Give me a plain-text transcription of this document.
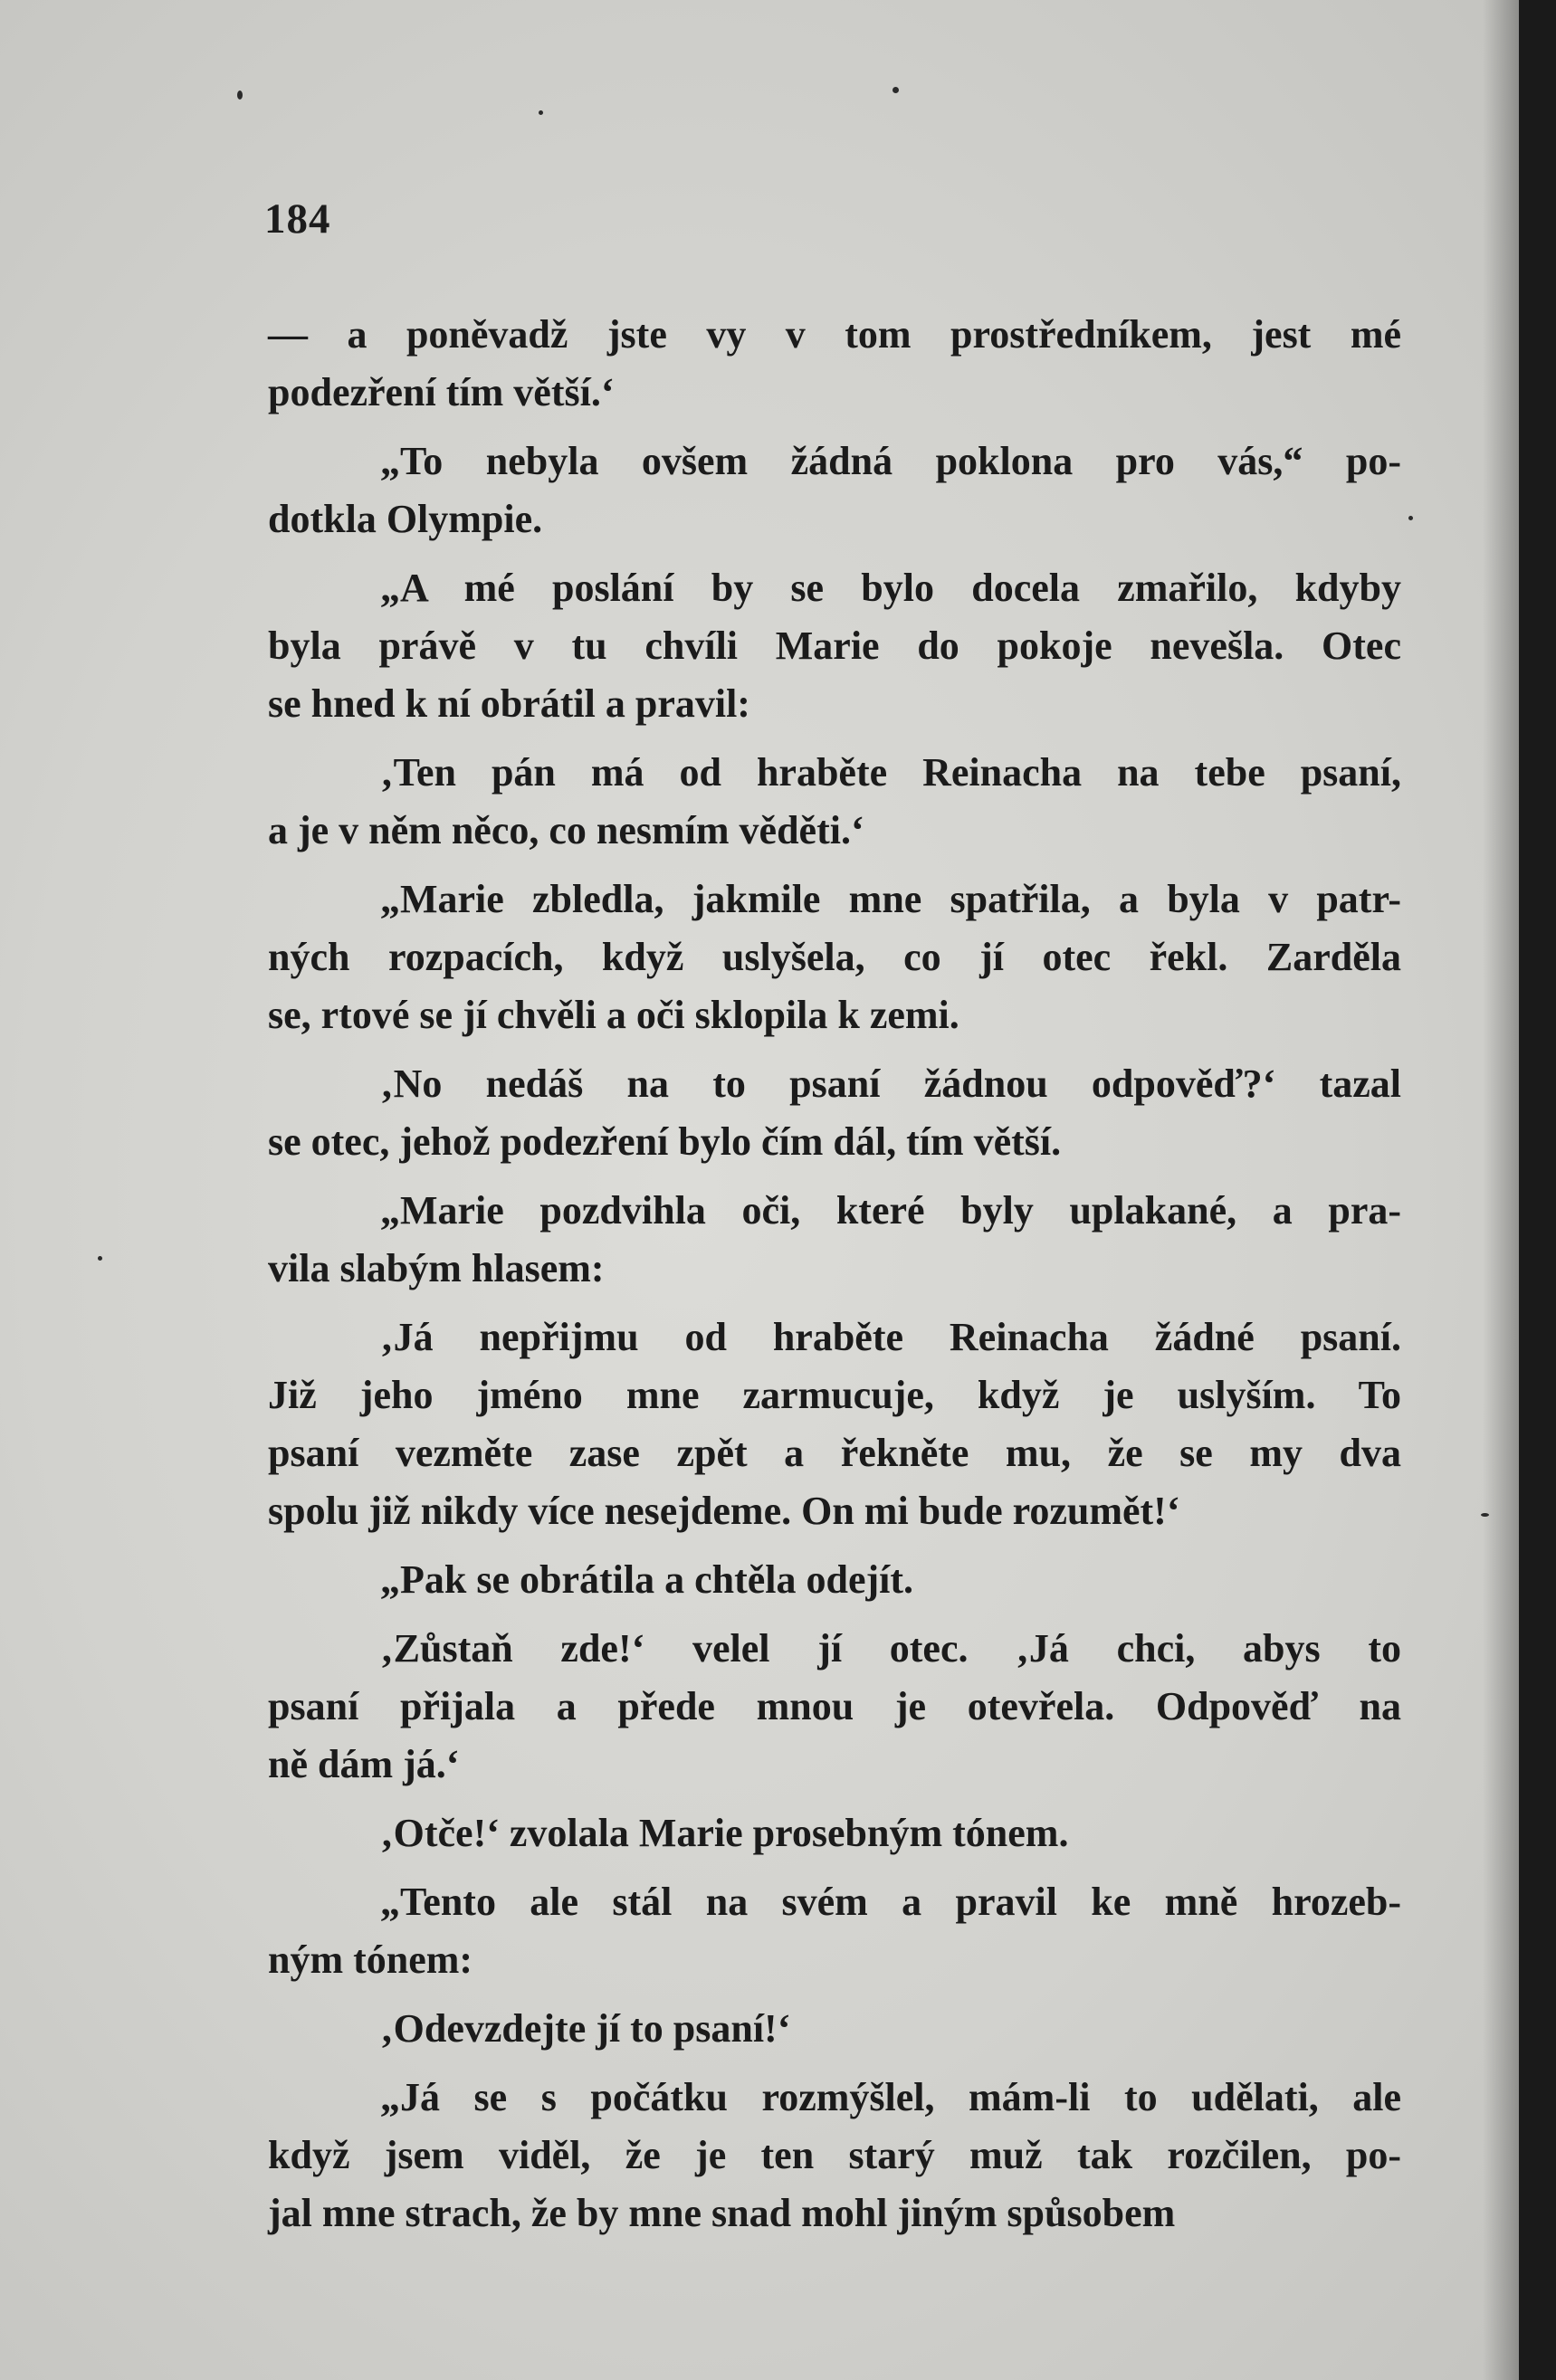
184

— a poněvadž jste vy v tom prostředníkem, jest mé
podezření tím větší.‘

„To nebyla ovšem žádná poklona pro vás,“ po-
dotkla Olympie.

„A mé poslání by se bylo docela zmařilo, kdyby
byla právě v tu chvíli Marie do pokoje nevešla. Otec
se hned k ní obrátil a pravil:

‚Ten pán má od hraběte Reinacha na tebe psaní,
a je v něm něco, co nesmím věděti.‘

„Marie zbledla, jakmile mne spatřila, a byla v patr-
ných rozpacích, když uslyšela, co jí otec řekl. Zarděla
se, rtové se jí chvěli a oči sklopila k zemi.

‚No nedáš na to psaní žádnou odpověď?‘ tazal
se otec, jehož podezření bylo čím dál, tím větší.

„Marie pozdvihla oči, které byly uplakané, a pra-
vila slabým hlasem:

‚Já nepřijmu od hraběte Reinacha žádné psaní.
Již jeho jméno mne zarmucuje, když je uslyším. To
psaní vezměte zase zpět a řekněte mu, že se my dva
spolu již nikdy více nesejdeme. On mi bude rozumět!‘

„Pak se obrátila a chtěla odejít.

‚Zůstaň zde!‘ velel jí otec. ‚Já chci, abys to
psaní přijala a přede mnou je otevřela. Odpověď na
ně dám já.‘

‚Otče!‘ zvolala Marie prosebným tónem.

„Tento ale stál na svém a pravil ke mně hrozeb-
ným tónem:

‚Odevzdejte jí to psaní!‘

„Já se s počátku rozmýšlel, mám-li to udělati, ale
když jsem viděl, že je ten starý muž tak rozčilen, po-
jal mne strach, že by mne snad mohl jiným spůsobem
